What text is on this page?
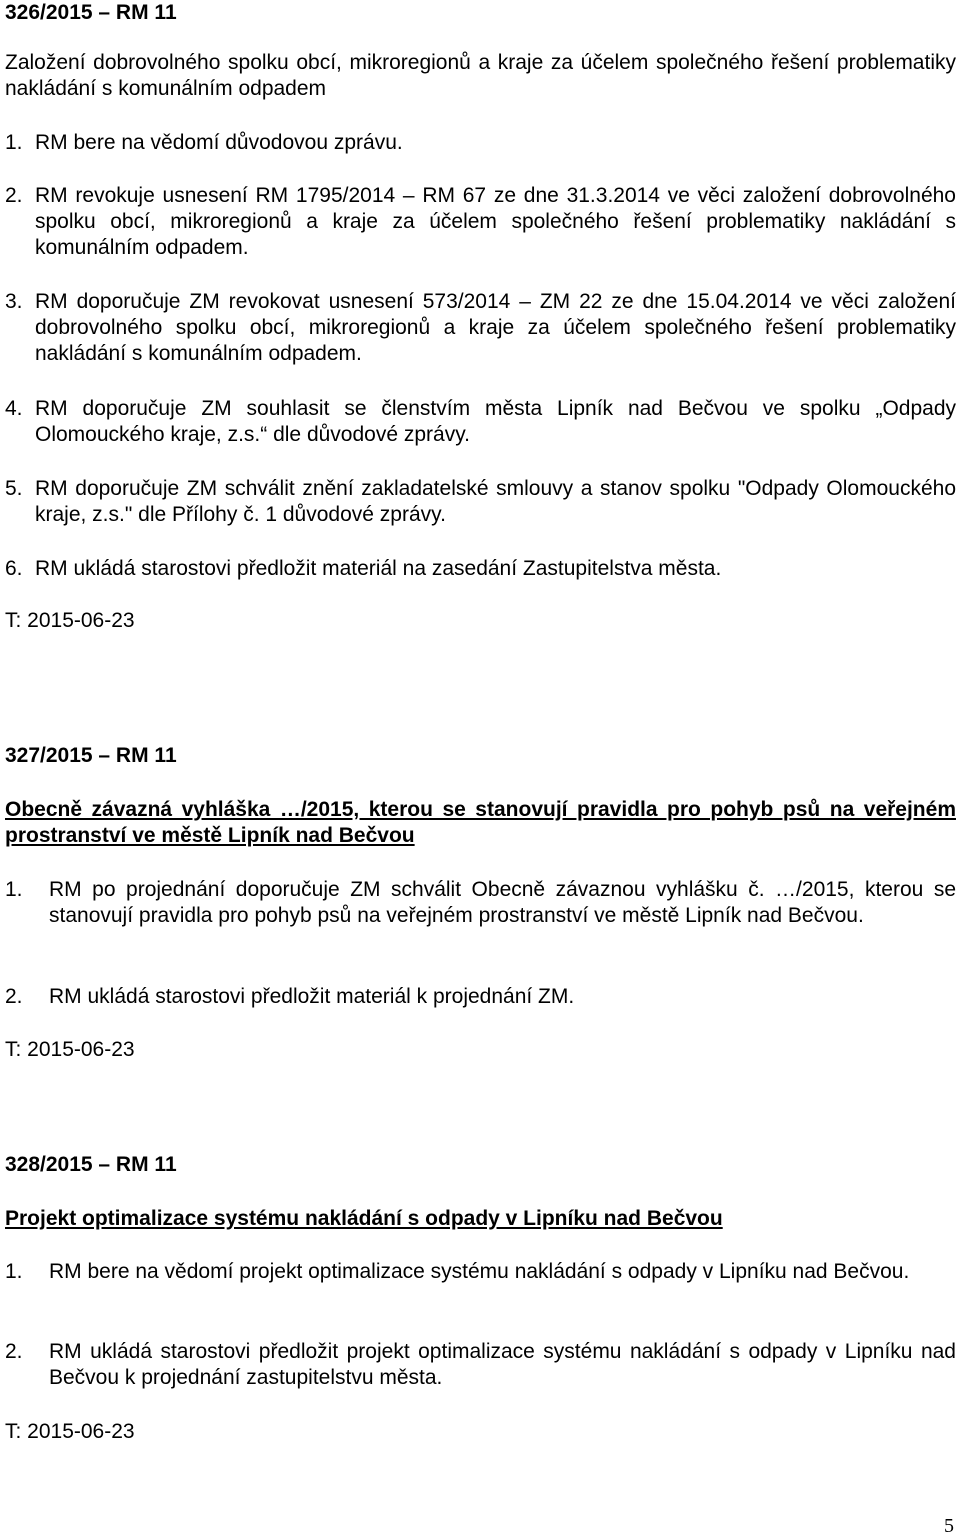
326/2015 – RM 11
Založení dobrovolného spolku obcí, mikroregionů a kraje za účelem společného řešení problematiky nakládání s komunálním odpadem
1. RM bere na vědomí důvodovou zprávu.
2. RM revokuje usnesení RM 1795/2014 – RM 67 ze dne 31.3.2014 ve věci založení dobrovolného spolku obcí, mikroregionů a kraje za účelem společného řešení problematiky nakládání s komunálním odpadem.
3. RM doporučuje ZM revokovat usnesení 573/2014 – ZM 22 ze dne 15.04.2014 ve věci založení dobrovolného spolku obcí, mikroregionů a kraje za účelem společného řešení problematiky nakládání s komunálním odpadem.
4. RM doporučuje ZM souhlasit se členstvím města Lipník nad Bečvou ve spolku „Odpady Olomouckého kraje, z.s.“ dle důvodové zprávy.
5. RM doporučuje ZM schválit znění zakladatelské smlouvy a stanov spolku "Odpady Olomouckého kraje, z.s." dle Přílohy č. 1 důvodové zprávy.
6. RM ukládá starostovi předložit materiál na zasedání Zastupitelstva města.
T: 2015-06-23
327/2015 – RM 11
Obecně závazná vyhláška …/2015, kterou se stanovují pravidla pro pohyb psů na veřejném prostranství ve městě Lipník nad Bečvou
1. RM po projednání doporučuje ZM schválit Obecně závaznou vyhlášku č. …/2015, kterou se stanovují pravidla pro pohyb psů na veřejném prostranství ve městě Lipník nad Bečvou.
2. RM ukládá starostovi předložit materiál k projednání ZM.
T: 2015-06-23
328/2015 – RM 11
Projekt optimalizace systému nakládání s odpady v Lipníku nad Bečvou
1. RM bere na vědomí projekt optimalizace systému nakládání s odpady v Lipníku nad Bečvou.
2. RM ukládá starostovi předložit projekt optimalizace systému nakládání s odpady v Lipníku nad Bečvou k projednání zastupitelstvu města.
T: 2015-06-23
5
